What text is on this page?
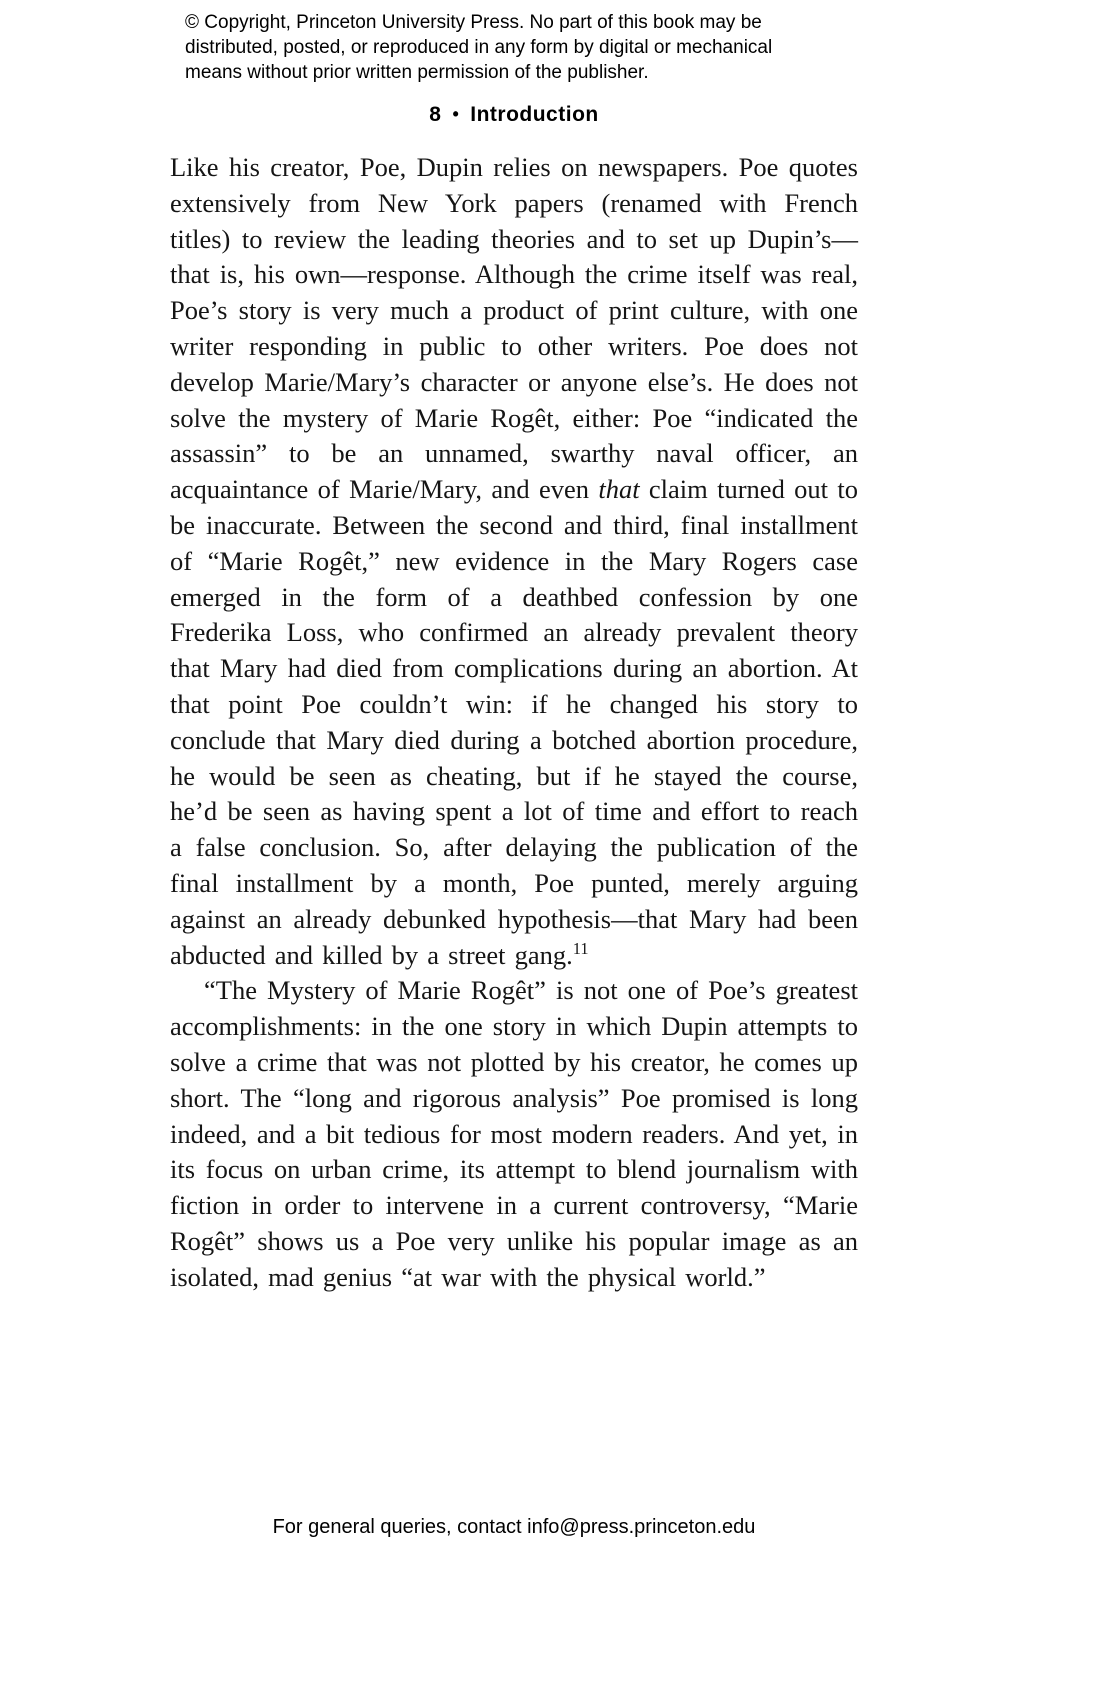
© Copyright, Princeton University Press. No part of this book may be distributed, posted, or reproduced in any form by digital or mechanical means without prior written permission of the publisher.
8 • Introduction

Like his creator, Poe, Dupin relies on newspapers. Poe quotes extensively from New York papers (renamed with French titles) to review the leading theories and to set up Dupin’s—that is, his own—response. Although the crime itself was real, Poe’s story is very much a product of print culture, with one writer responding in public to other writers. Poe does not develop Marie/Mary’s character or anyone else’s. He does not solve the mystery of Marie Rogêt, either: Poe “indicated the assassin” to be an unnamed, swarthy naval officer, an acquaintance of Marie/Mary, and even that claim turned out to be inaccurate. Between the second and third, final installment of “Marie Rogêt,” new evidence in the Mary Rogers case emerged in the form of a deathbed confession by one Frederika Loss, who confirmed an already prevalent theory that Mary had died from complications during an abortion. At that point Poe couldn’t win: if he changed his story to conclude that Mary died during a botched abortion procedure, he would be seen as cheating, but if he stayed the course, he’d be seen as having spent a lot of time and effort to reach a false conclusion. So, after delaying the publication of the final installment by a month, Poe punted, merely arguing against an already debunked hypothesis—that Mary had been abducted and killed by a street gang.$^{11}$

“The Mystery of Marie Rogêt” is not one of Poe’s greatest accomplishments: in the one story in which Dupin attempts to solve a crime that was not plotted by his creator, he comes up short. The “long and rigorous analysis” Poe promised is long indeed, and a bit tedious for most modern readers. And yet, in its focus on urban crime, its attempt to blend journalism with fiction in order to intervene in a current controversy, “Marie Rogêt” shows us a Poe very unlike his popular image as an isolated, mad genius “at war with the physical world.”

For general queries, contact info@press.princeton.edu
